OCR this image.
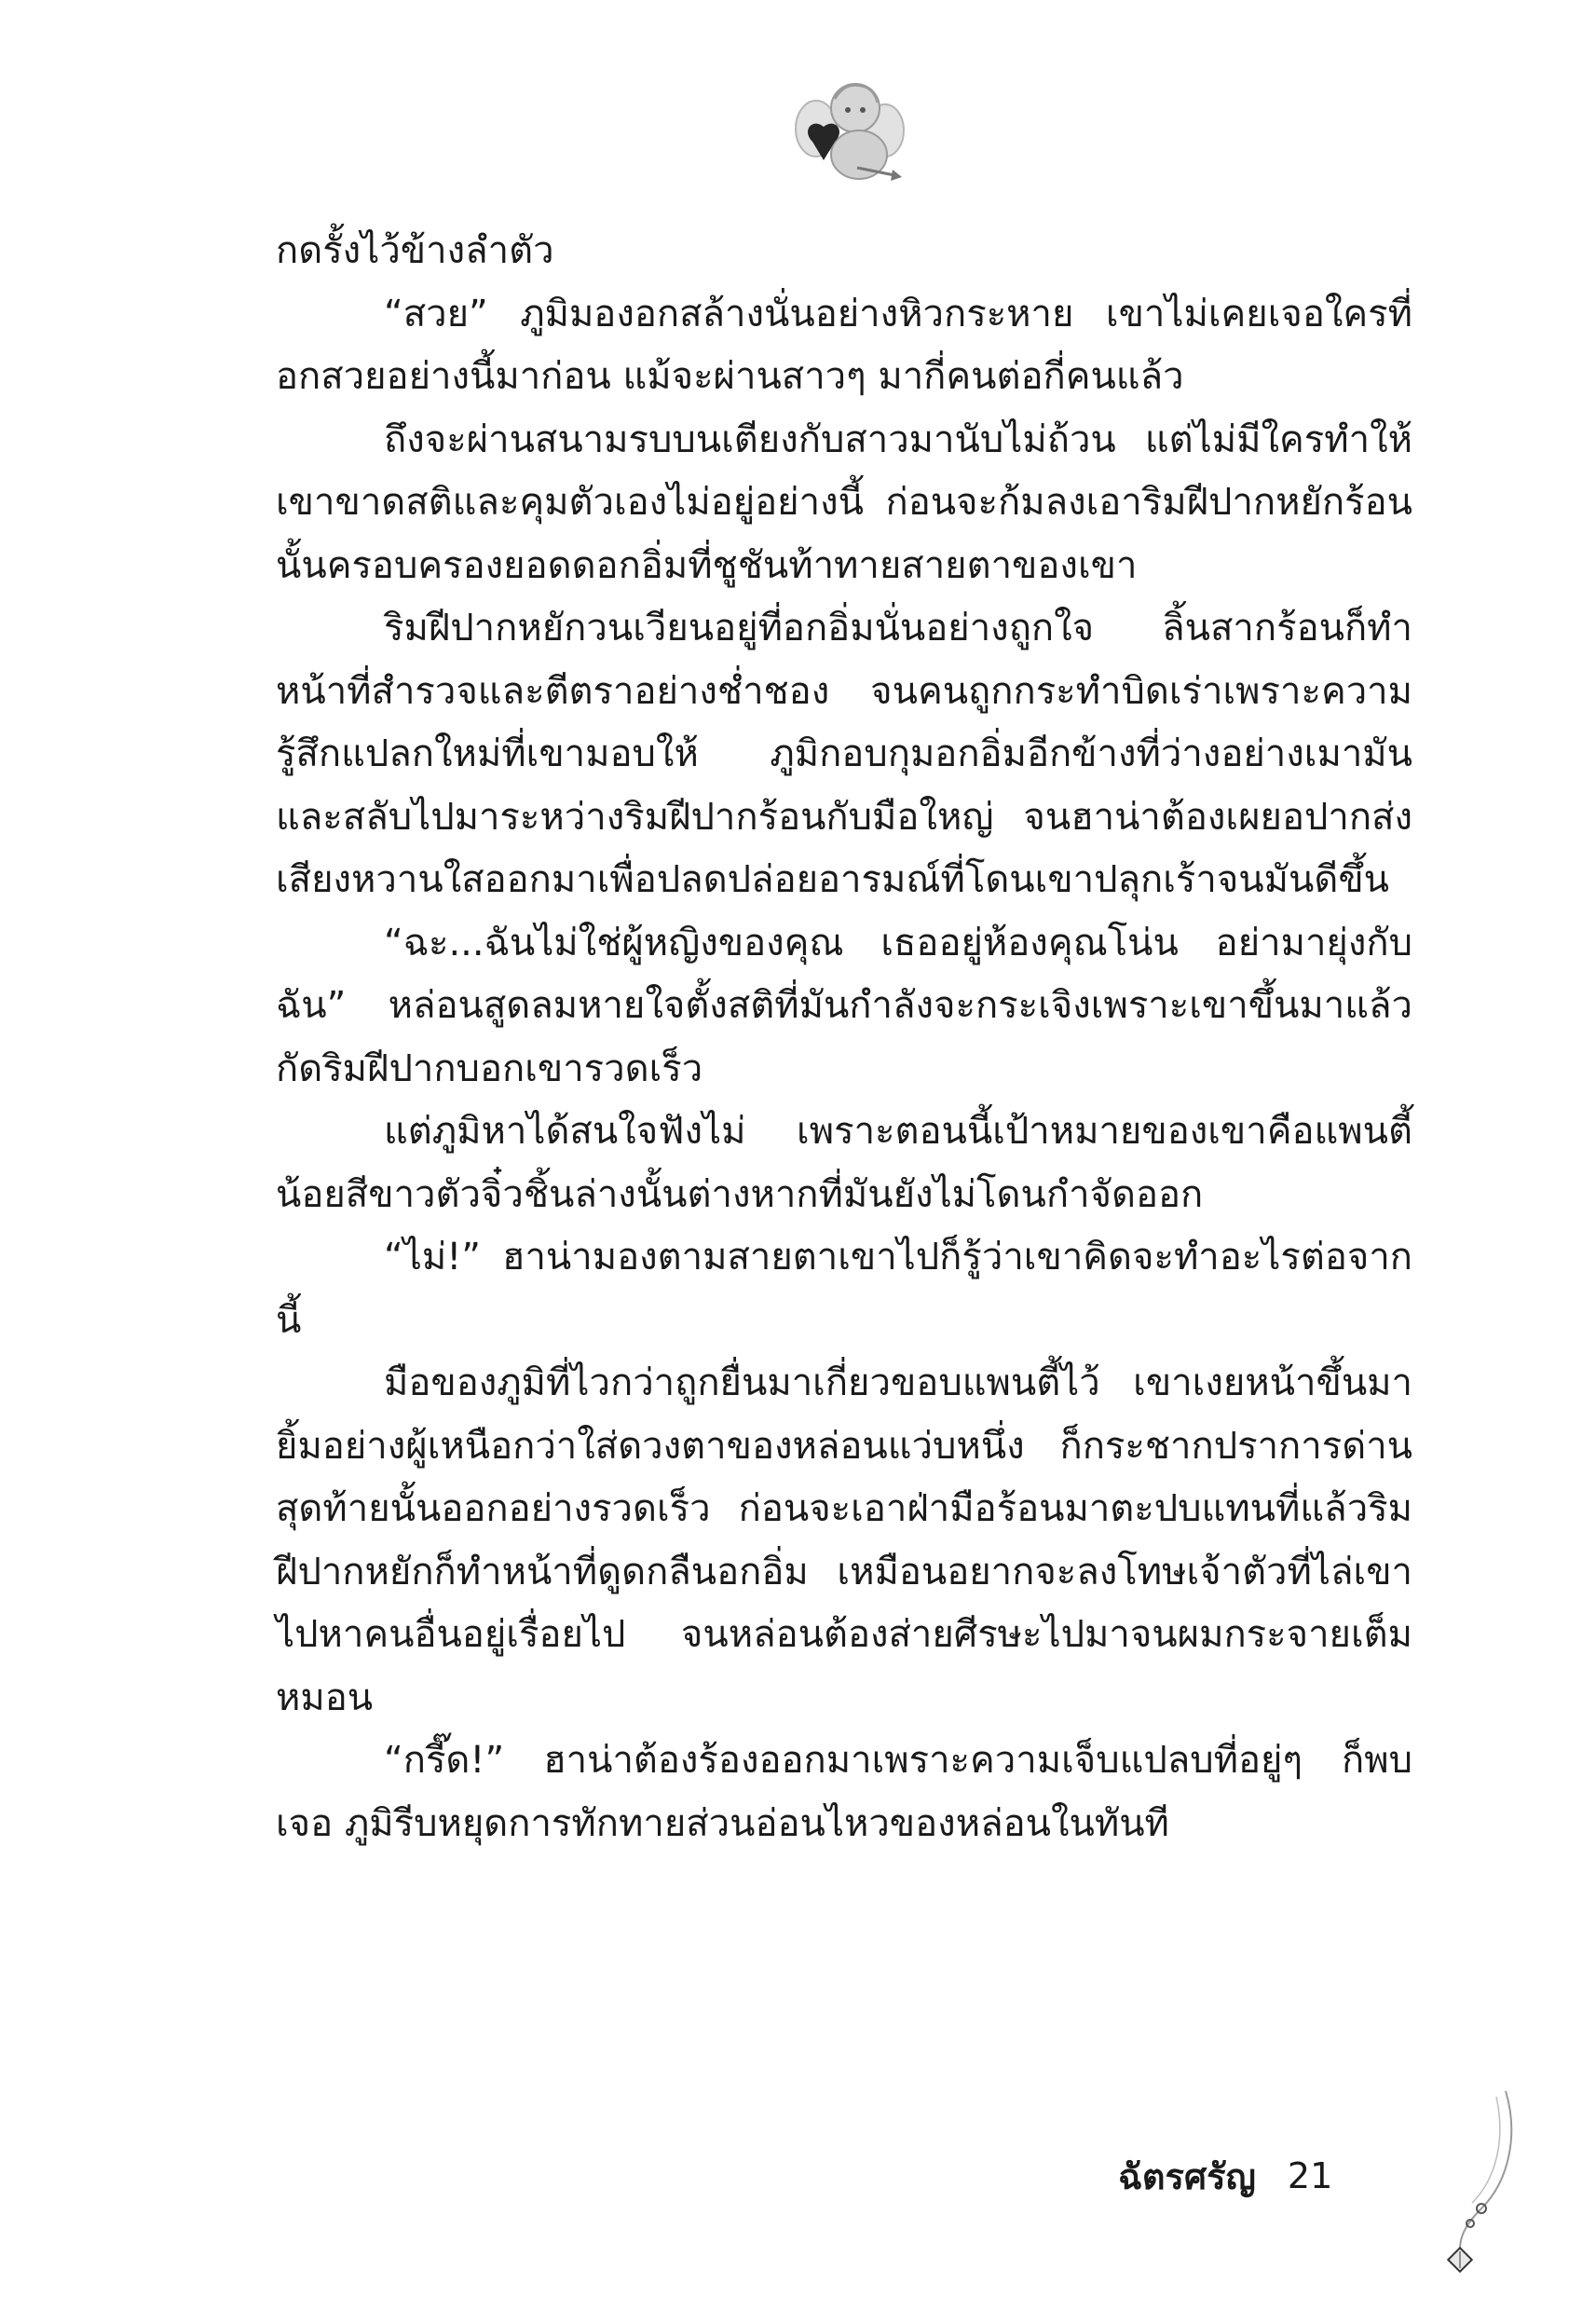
กดรั้งไว้ข้างลำตัว

“สวย” ภูมิมองอกสล้างนั่นอย่างหิวกระหาย เขาไม่เคยเจอใครที่อกสวยอย่างนี้มาก่อน แม้จะผ่านสาวๆ มากี่คนต่อกี่คนแล้ว

ถึงจะผ่านสนามรบบนเตียงกับสาวมานับไม่ถ้วน แต่ไม่มีใครทำให้เขาขาดสติและคุมตัวเองไม่อยู่อย่างนี้ ก่อนจะก้มลงเอาริมฝีปากหยักร้อนนั้นครอบครองยอดดอกอิ่มที่ชูชันท้าทายสายตาของเขา

ริมฝีปากหยักวนเวียนอยู่ที่อกอิ่มนั่นอย่างถูกใจ ลิ้นสากร้อนก็ทำหน้าที่สำรวจและตีตราอย่างช่ำชอง จนคนถูกกระทำบิดเร่าเพราะความรู้สึกแปลกใหม่ที่เขามอบให้ ภูมิกอบกุมอกอิ่มอีกข้างที่ว่างอย่างเมามัน และสลับไปมาระหว่างริมฝีปากร้อนกับมือใหญ่ จนฮาน่าต้องเผยอปากส่งเสียงหวานใสออกมาเพื่อปลดปล่อยอารมณ์ที่โดนเขาปลุกเร้าจนมันดีขึ้น

“ฉะ...ฉันไม่ใช่ผู้หญิงของคุณ เธออยู่ห้องคุณโน่น อย่ามายุ่งกับฉัน” หล่อนสูดลมหายใจตั้งสติที่มันกำลังจะกระเจิงเพราะเขาขึ้นมาแล้วกัดริมฝีปากบอกเขารวดเร็ว

แต่ภูมิหาได้สนใจฟังไม่ เพราะตอนนี้เป้าหมายของเขาคือแพนตี้น้อยสีขาวตัวจิ๋วชิ้นล่างนั้นต่างหากที่มันยังไม่โดนกำจัดออก

“ไม่!” ฮาน่ามองตามสายตาเขาไปก็รู้ว่าเขาคิดจะทำอะไรต่อจากนี้

มือของภูมิที่ไวกว่าถูกยื่นมาเกี่ยวขอบแพนตี้ไว้ เขาเงยหน้าขึ้นมายิ้มอย่างผู้เหนือกว่าใส่ดวงตาของหล่อนแว่บหนึ่ง ก็กระชากปราการด่านสุดท้ายนั้นออกอย่างรวดเร็ว ก่อนจะเอาฝ่ามือร้อนมาตะปบแทนที่แล้วริมฝีปากหยักก็ทำหน้าที่ดูดกลืนอกอิ่ม เหมือนอยากจะลงโทษเจ้าตัวที่ไล่เขาไปหาคนอื่นอยู่เรื่อยไป จนหล่อนต้องส่ายศีรษะไปมาจนผมกระจายเต็มหมอน

“กรี๊ด!” ฮาน่าต้องร้องออกมาเพราะความเจ็บแปลบที่อยู่ๆ ก็พบเจอ ภูมิรีบหยุดการทักทายส่วนอ่อนไหวของหล่อนในทันที

ฉัตรศรัญ 21
